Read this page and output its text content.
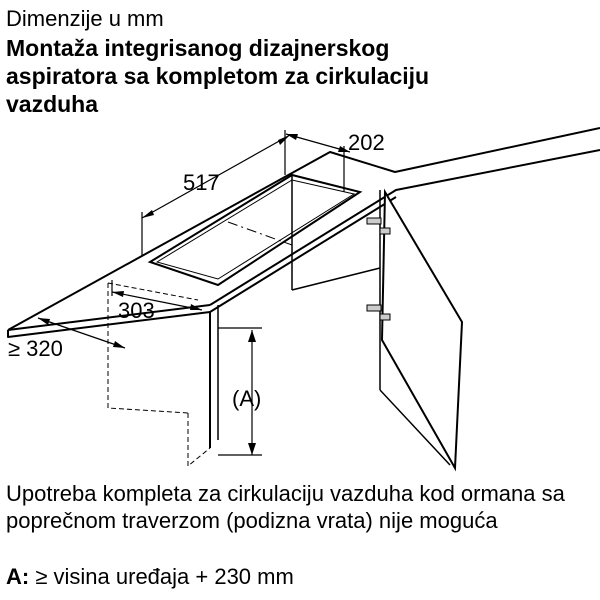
Dimenzije u mm
Montaža integrisanog dizajnerskog
aspiratora sa kompletom za cirkulaciju
vazduha
517
202
303
≥ 320
(A)
Upotreba kompleta za cirkulaciju vazduha kod ormana sa poprečnom traverzom (podizna vrata) nije moguća
A: ≥ visina uređaja + 230 mm
